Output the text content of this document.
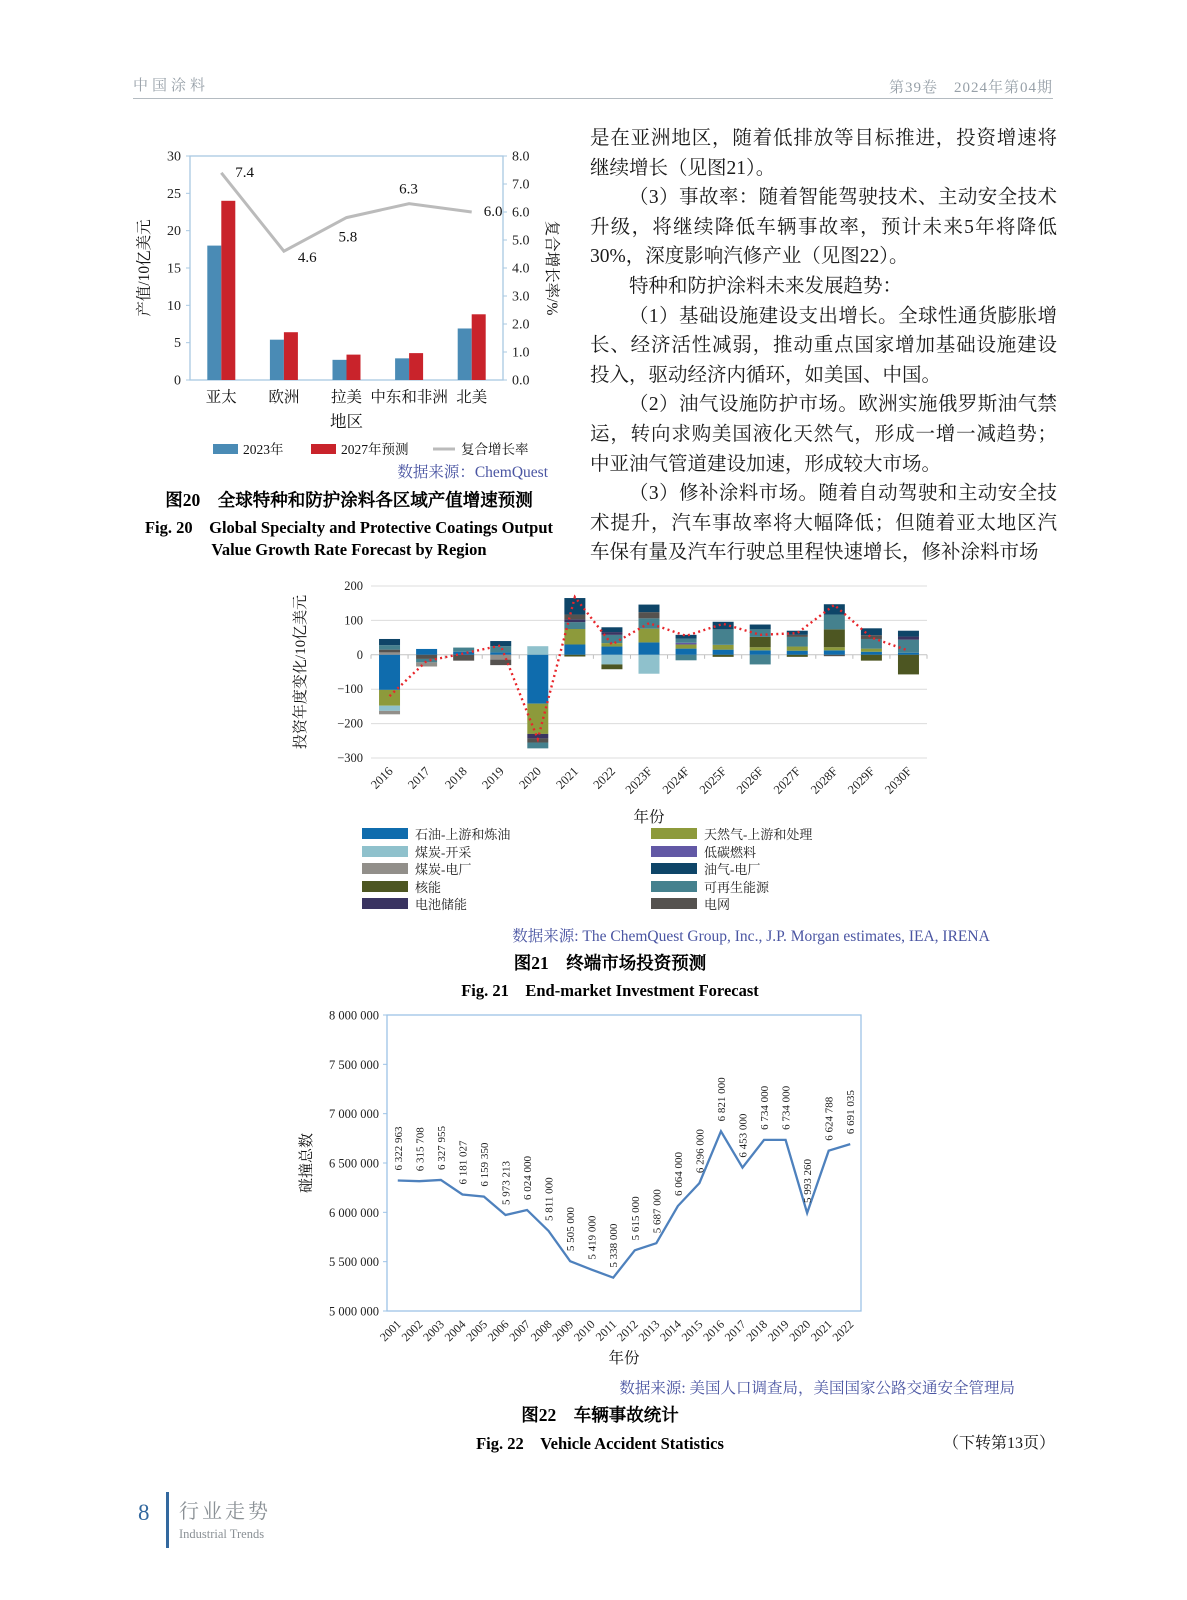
中国涂料	第39卷　2024年第04期
0
5
10
15
20
25
30
0.0
1.0
2.0
3.0
4.0
5.0
6.0
7.0
8.0
亚太 欧洲 拉美 中东和非洲 北美
7.4
4.6
5.8
6.3
6.0
产值/10亿美元	复合增长率/%
地区
2023年	2027年预测	复合增长率

是在亚洲地区，随着低排放等目标推进，投资增速将继续增长（见图21）。

（3）事故率：随着智能驾驶技术、主动安全技术升级，将继续降低车辆事故率，预计未来5年将降低30%，深度影响汽修产业（见图22）。

特种和防护涂料未来发展趋势：

（1）基础设施建设支出增长。全球性通货膨胀增长、经济活性减弱，推动重点国家增加基础设施建设投入，驱动经济内循环，如美国、中国。

（2）油气设施防护市场。欧洲实施俄罗斯油气禁运，转向求购美国液化天然气，形成一增一减趋势；中亚油气管道建设加速，形成较大市场。

（3）修补涂料市场。随着自动驾驶和主动安全技术提升，汽车事故率将大幅降低；但随着亚太地区汽车保有量及汽车行驶总里程快速增长，修补涂料市场

数据来源：ChemQuest
图20　全球特种和防护涂料各区域产值增速预测
Fig. 20　Global Specialty and Protective Coatings Output
Value Growth Rate Forecast by Region
200
100
0
−100
−200
−300
2016 2017 2018 2019 2020 2021 2022 2023F 2024F 2025F 2026F 2027F 2028F 2029F 2030F
投资年度变化/10亿美元
年份
石油-上游和炼油
煤炭-开采
煤炭-电厂
核能
电池储能
天然气-上游和处理
低碳燃料
油气-电厂
可再生能源
电网
数据来源: The ChemQuest Group, Inc., J.P. Morgan estimates, IEA, IRENA
图21　终端市场投资预测
Fig. 21　End-market Investment Forecast
5 000 000
5 500 000
6 000 000
6 500 000
7 000 000
7 500 000
8 000 000
6 322 963 6 315 708 6 327 955 6 181 027 6 159 350 5 973 213 6 024 000 5 811 000
5 505 000 5 419 000 5 338 000
5 615 000 5 687 000
6 064 000
6 296 000
6 821 000
6 453 000
6 734 000 6 734 000
5 993 260
6 624 788 6 691 035
2001
2002
2003
2004
2005
2006
2007
2008
2009
2010
2011
2012
2013
2014
2015
2016
2017
2018
2019
2020
2021
2022
碰撞总数
年份
数据来源: 美国人口调查局，美国国家公路交通安全管理局
图22　车辆事故统计
Fig. 22　Vehicle Accident Statistics	（下转第13页）
8 行业走势
Industrial Trends
